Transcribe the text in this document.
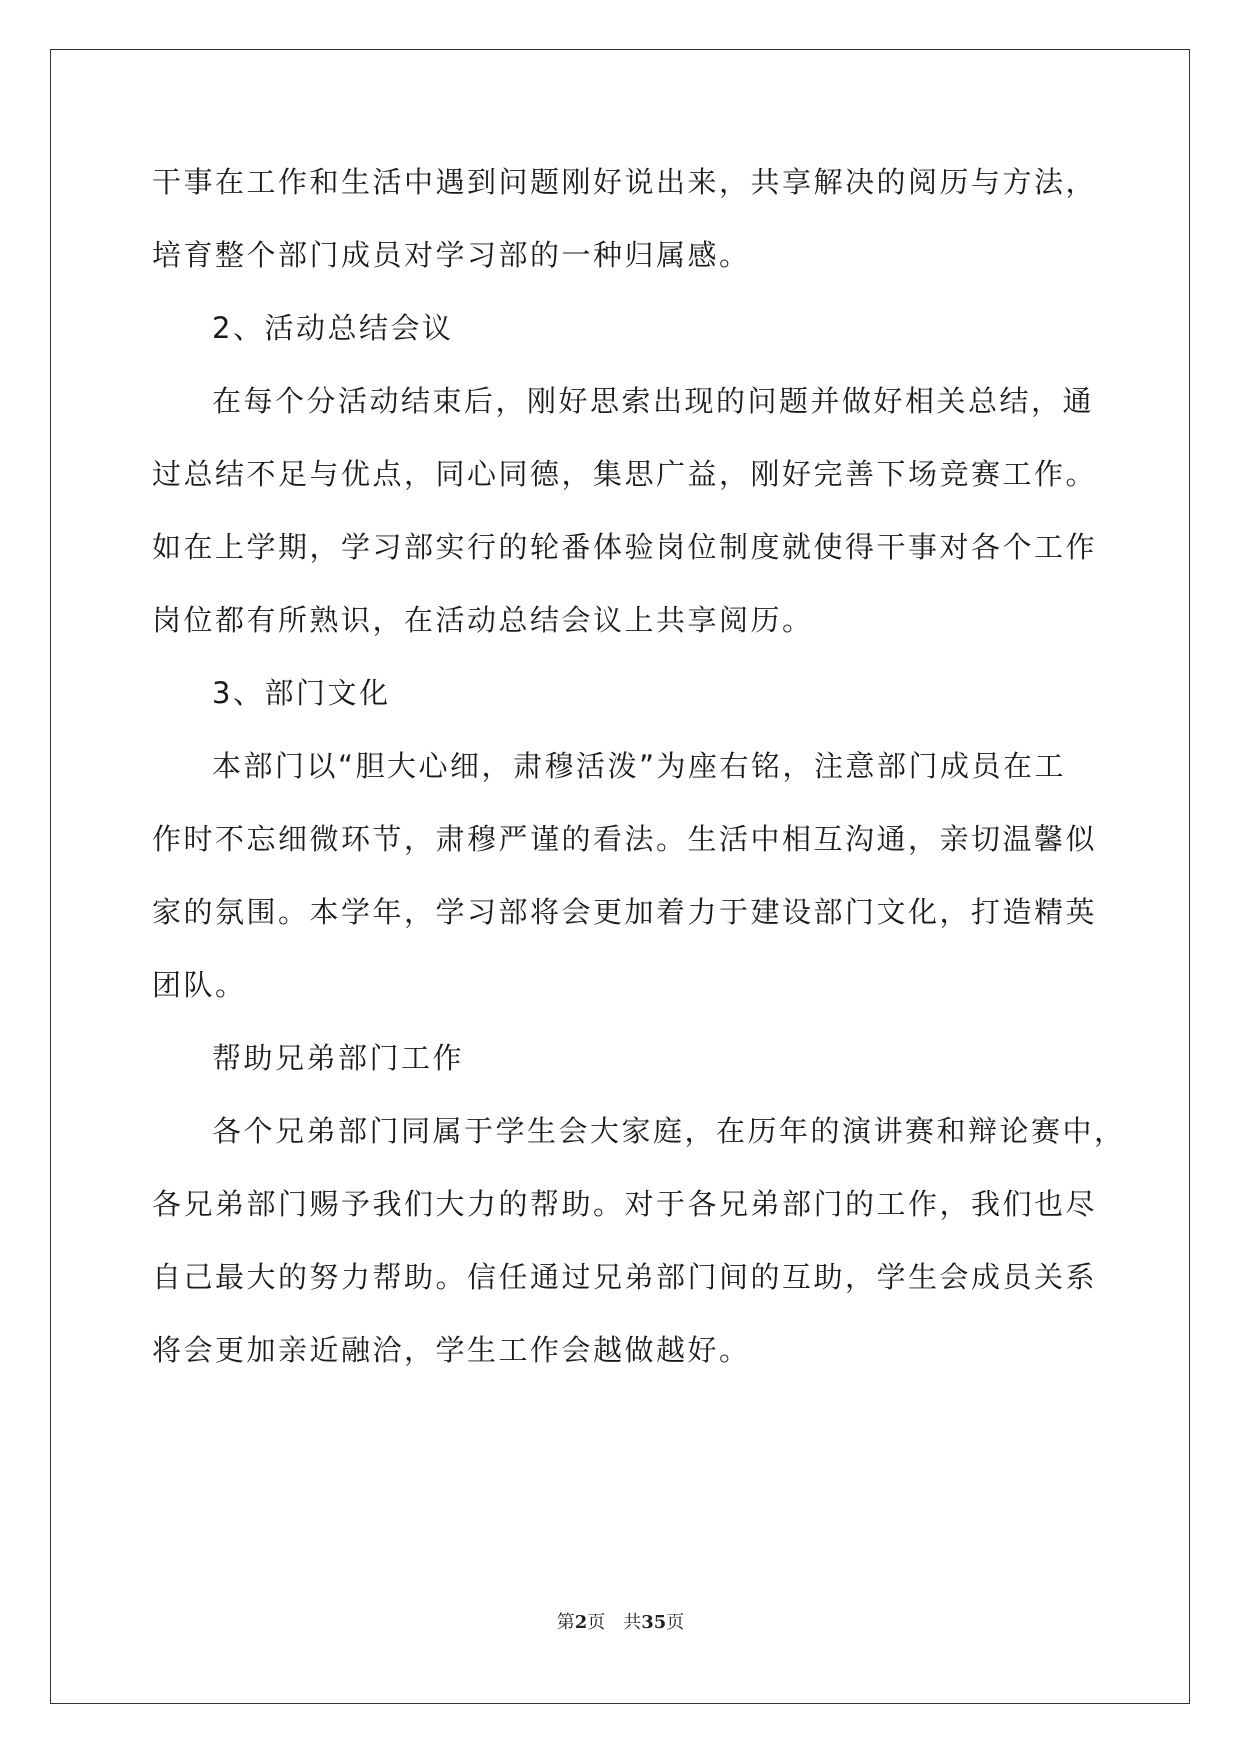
干事在工作和生活中遇到问题刚好说出来，共享解决的阅历与方法，
培育整个部门成员对学习部的一种归属感。
2、活动总结会议
在每个分活动结束后，刚好思索出现的问题并做好相关总结，通
过总结不足与优点，同心同德，集思广益，刚好完善下场竞赛工作。
如在上学期，学习部实行的轮番体验岗位制度就使得干事对各个工作
岗位都有所熟识，在活动总结会议上共享阅历。
3、部门文化
本部门以“胆大心细，肃穆活泼”为座右铭，注意部门成员在工
作时不忘细微环节，肃穆严谨的看法。生活中相互沟通，亲切温馨似
家的氛围。本学年，学习部将会更加着力于建设部门文化，打造精英
团队。
帮助兄弟部门工作
各个兄弟部门同属于学生会大家庭，在历年的演讲赛和辩论赛中，
各兄弟部门赐予我们大力的帮助。对于各兄弟部门的工作，我们也尽
自己最大的努力帮助。信任通过兄弟部门间的互助，学生会成员关系
将会更加亲近融洽，学生工作会越做越好。
第2页　共35页
